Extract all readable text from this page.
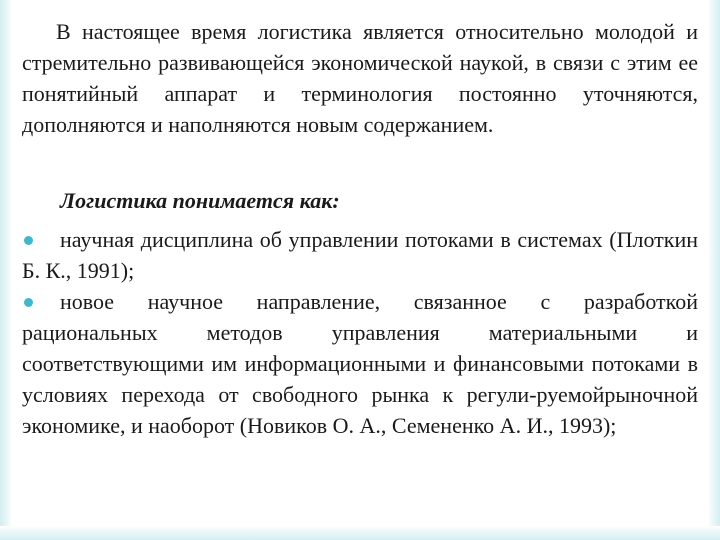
В настоящее время логистика является относительно молодой и стремительно развивающейся экономической наукой, в связи с этим ее понятийный аппарат и терминология постоянно уточняются, дополняются и наполняются новым содержанием.

Логистика понимается как:
научная дисциплина об управлении потоками в системах (Плоткин Б. К., 1991);
новое научное направление, связанное с разработкой рациональных методов управления материальными и соответствующими им информационными и финансовыми потоками в условиях перехода от свободного рынка к регули-руемойрыночной экономике, и наоборот (Новиков О. А., Семененко А. И., 1993);
